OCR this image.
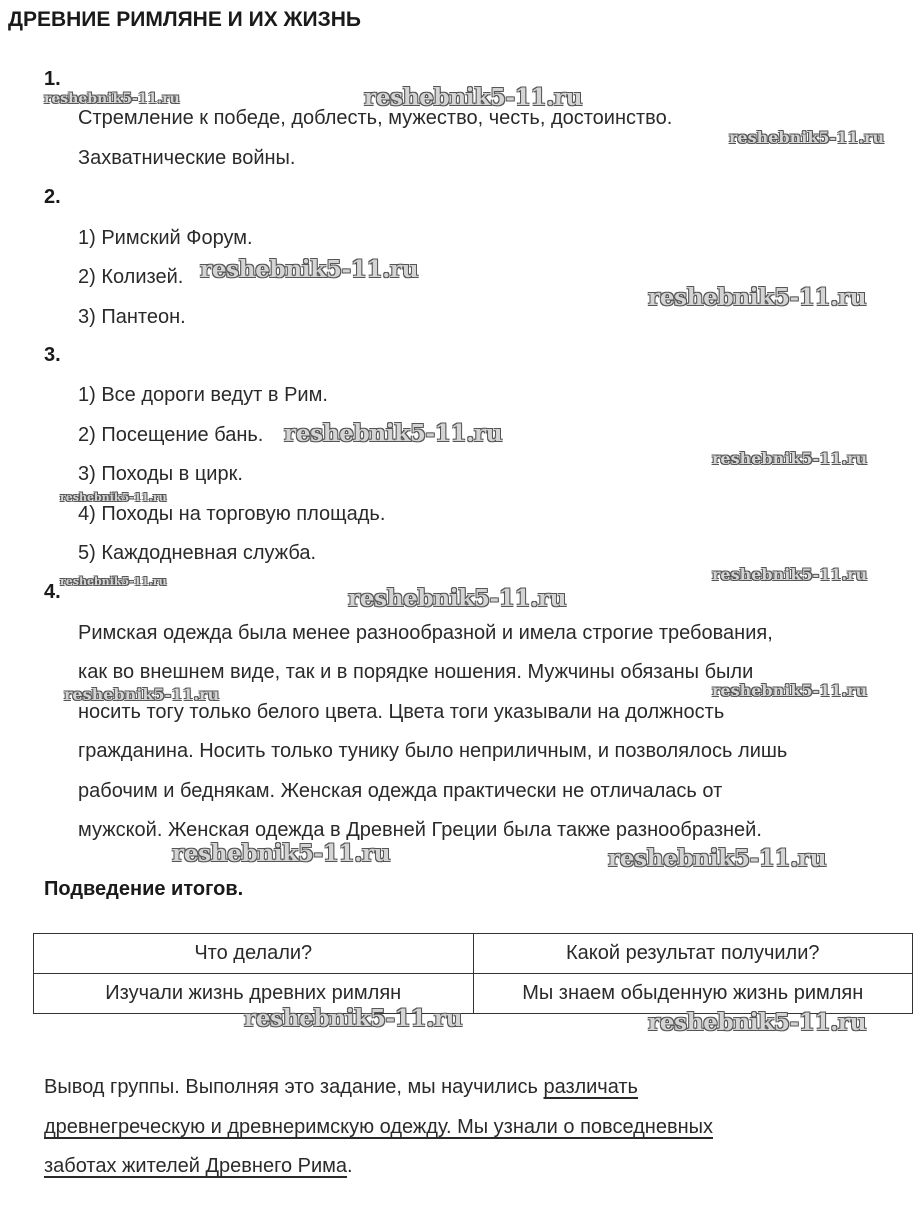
ДРЕВНИЕ РИМЛЯНЕ И ИХ ЖИЗНЬ
1.
Стремление к победе, доблесть, мужество, честь, достоинство.
Захватнические войны.
2.
1) Римский Форум.
2) Колизей.
3) Пантеон.
3.
1) Все дороги ведут в Рим.
2) Посещение бань.
3) Походы в цирк.
4) Походы на торговую площадь.
5) Каждодневная служба.
4.
Римская одежда была менее разнообразной и имела строгие требования,
как во внешнем виде, так и в порядке ношения. Мужчины обязаны были
носить тогу только белого цвета. Цвета тоги указывали на должность
гражданина. Носить только тунику было неприличным, и позволялось лишь
рабочим и беднякам. Женская одежда практически не отличалась от
мужской. Женская одежда в Древней Греции была также разнообразней.
Подведение итогов.
Что делали?	Какой результат получили?
Изучали жизнь древних римлян	Мы знаем обыденную жизнь римлян
Вывод группы. Выполняя это задание, мы научились различать
древнегреческую и древнеримскую одежду. Мы узнали о повседневных
заботах жителей Древнего Рима.
reshebnik5-11.ru	reshebnik5-11.ru
reshebnik5-11.ru
reshebnik5-11.ru
reshebnik5-11.ru
reshebnik5-11.ru
reshebnik5-11.ru
reshebnik5-11.ru
reshebnik5-11.ru
reshebnik5-11.ru
reshebnik5-11.ru
reshebnik5-11.ru	reshebnik5-11.ru
reshebnik5-11.ru	reshebnik5-11.ru
reshebnik5-11.ru	reshebnik5-11.ru
